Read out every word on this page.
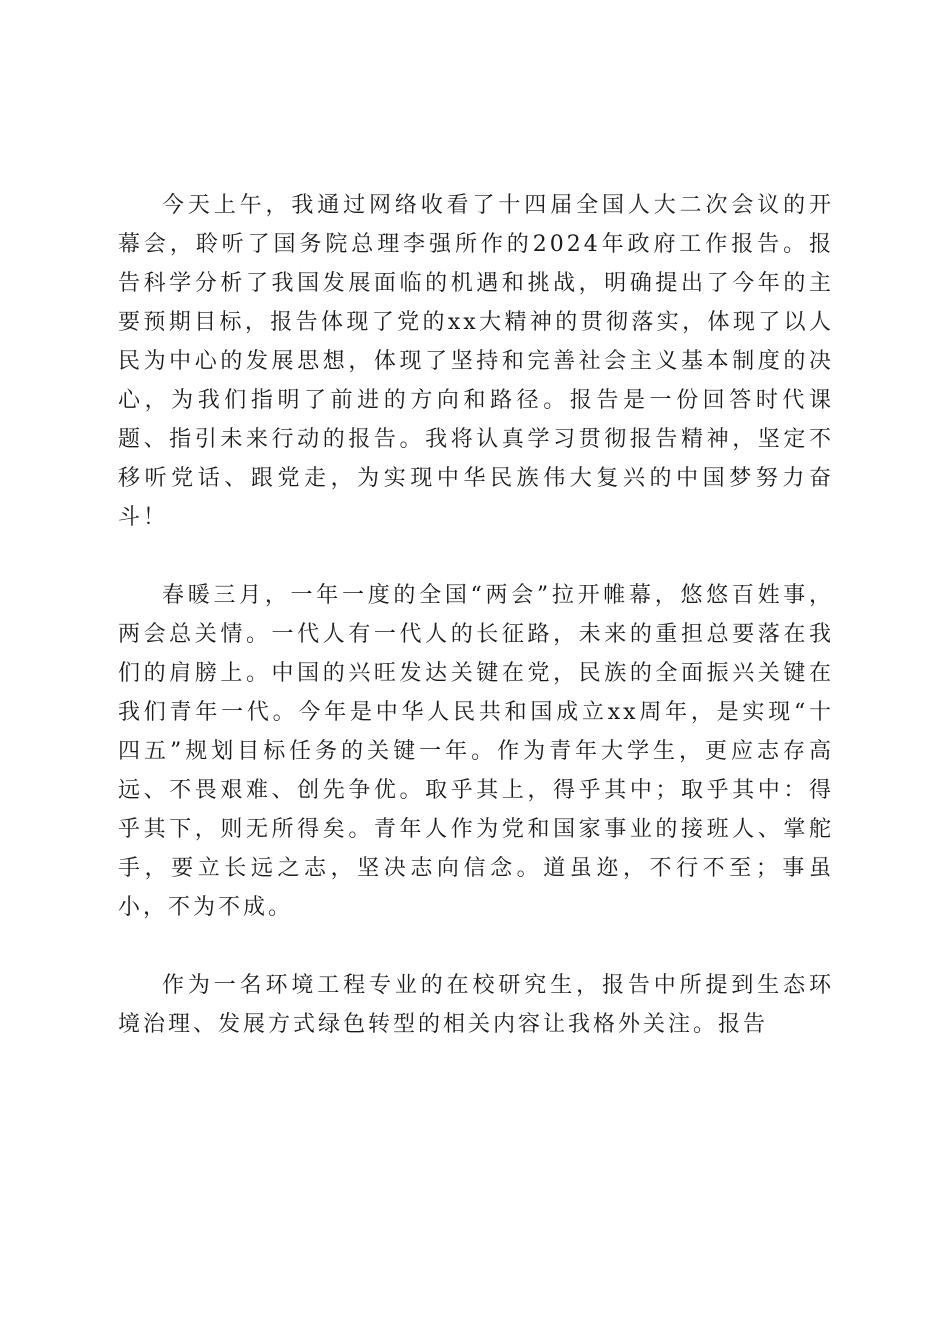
今天上午，我通过网络收看了十四届全国人大二次会议的开幕会，聆听了国务院总理李强所作的2024年政府工作报告。报告科学分析了我国发展面临的机遇和挑战，明确提出了今年的主要预期目标，报告体现了党的xx大精神的贯彻落实，体现了以人民为中心的发展思想，体现了坚持和完善社会主义基本制度的决心，为我们指明了前进的方向和路径。报告是一份回答时代课题、指引未来行动的报告。我将认真学习贯彻报告精神，坚定不移听党话、跟党走，为实现中华民族伟大复兴的中国梦努力奋斗！

春暖三月，一年一度的全国“两会”拉开帷幕，悠悠百姓事，两会总关情。一代人有一代人的长征路，未来的重担总要落在我们的肩膀上。中国的兴旺发达关键在党，民族的全面振兴关键在我们青年一代。今年是中华人民共和国成立xx周年，是实现“十四五”规划目标任务的关键一年。作为青年大学生，更应志存高远、不畏艰难、创先争优。取乎其上，得乎其中；取乎其中：得乎其下，则无所得矣。青年人作为党和国家事业的接班人、掌舵手，要立长远之志，坚决志向信念。道虽迩，不行不至；事虽小，不为不成。

作为一名环境工程专业的在校研究生，报告中所提到生态环境治理、发展方式绿色转型的相关内容让我格外关注。报告
